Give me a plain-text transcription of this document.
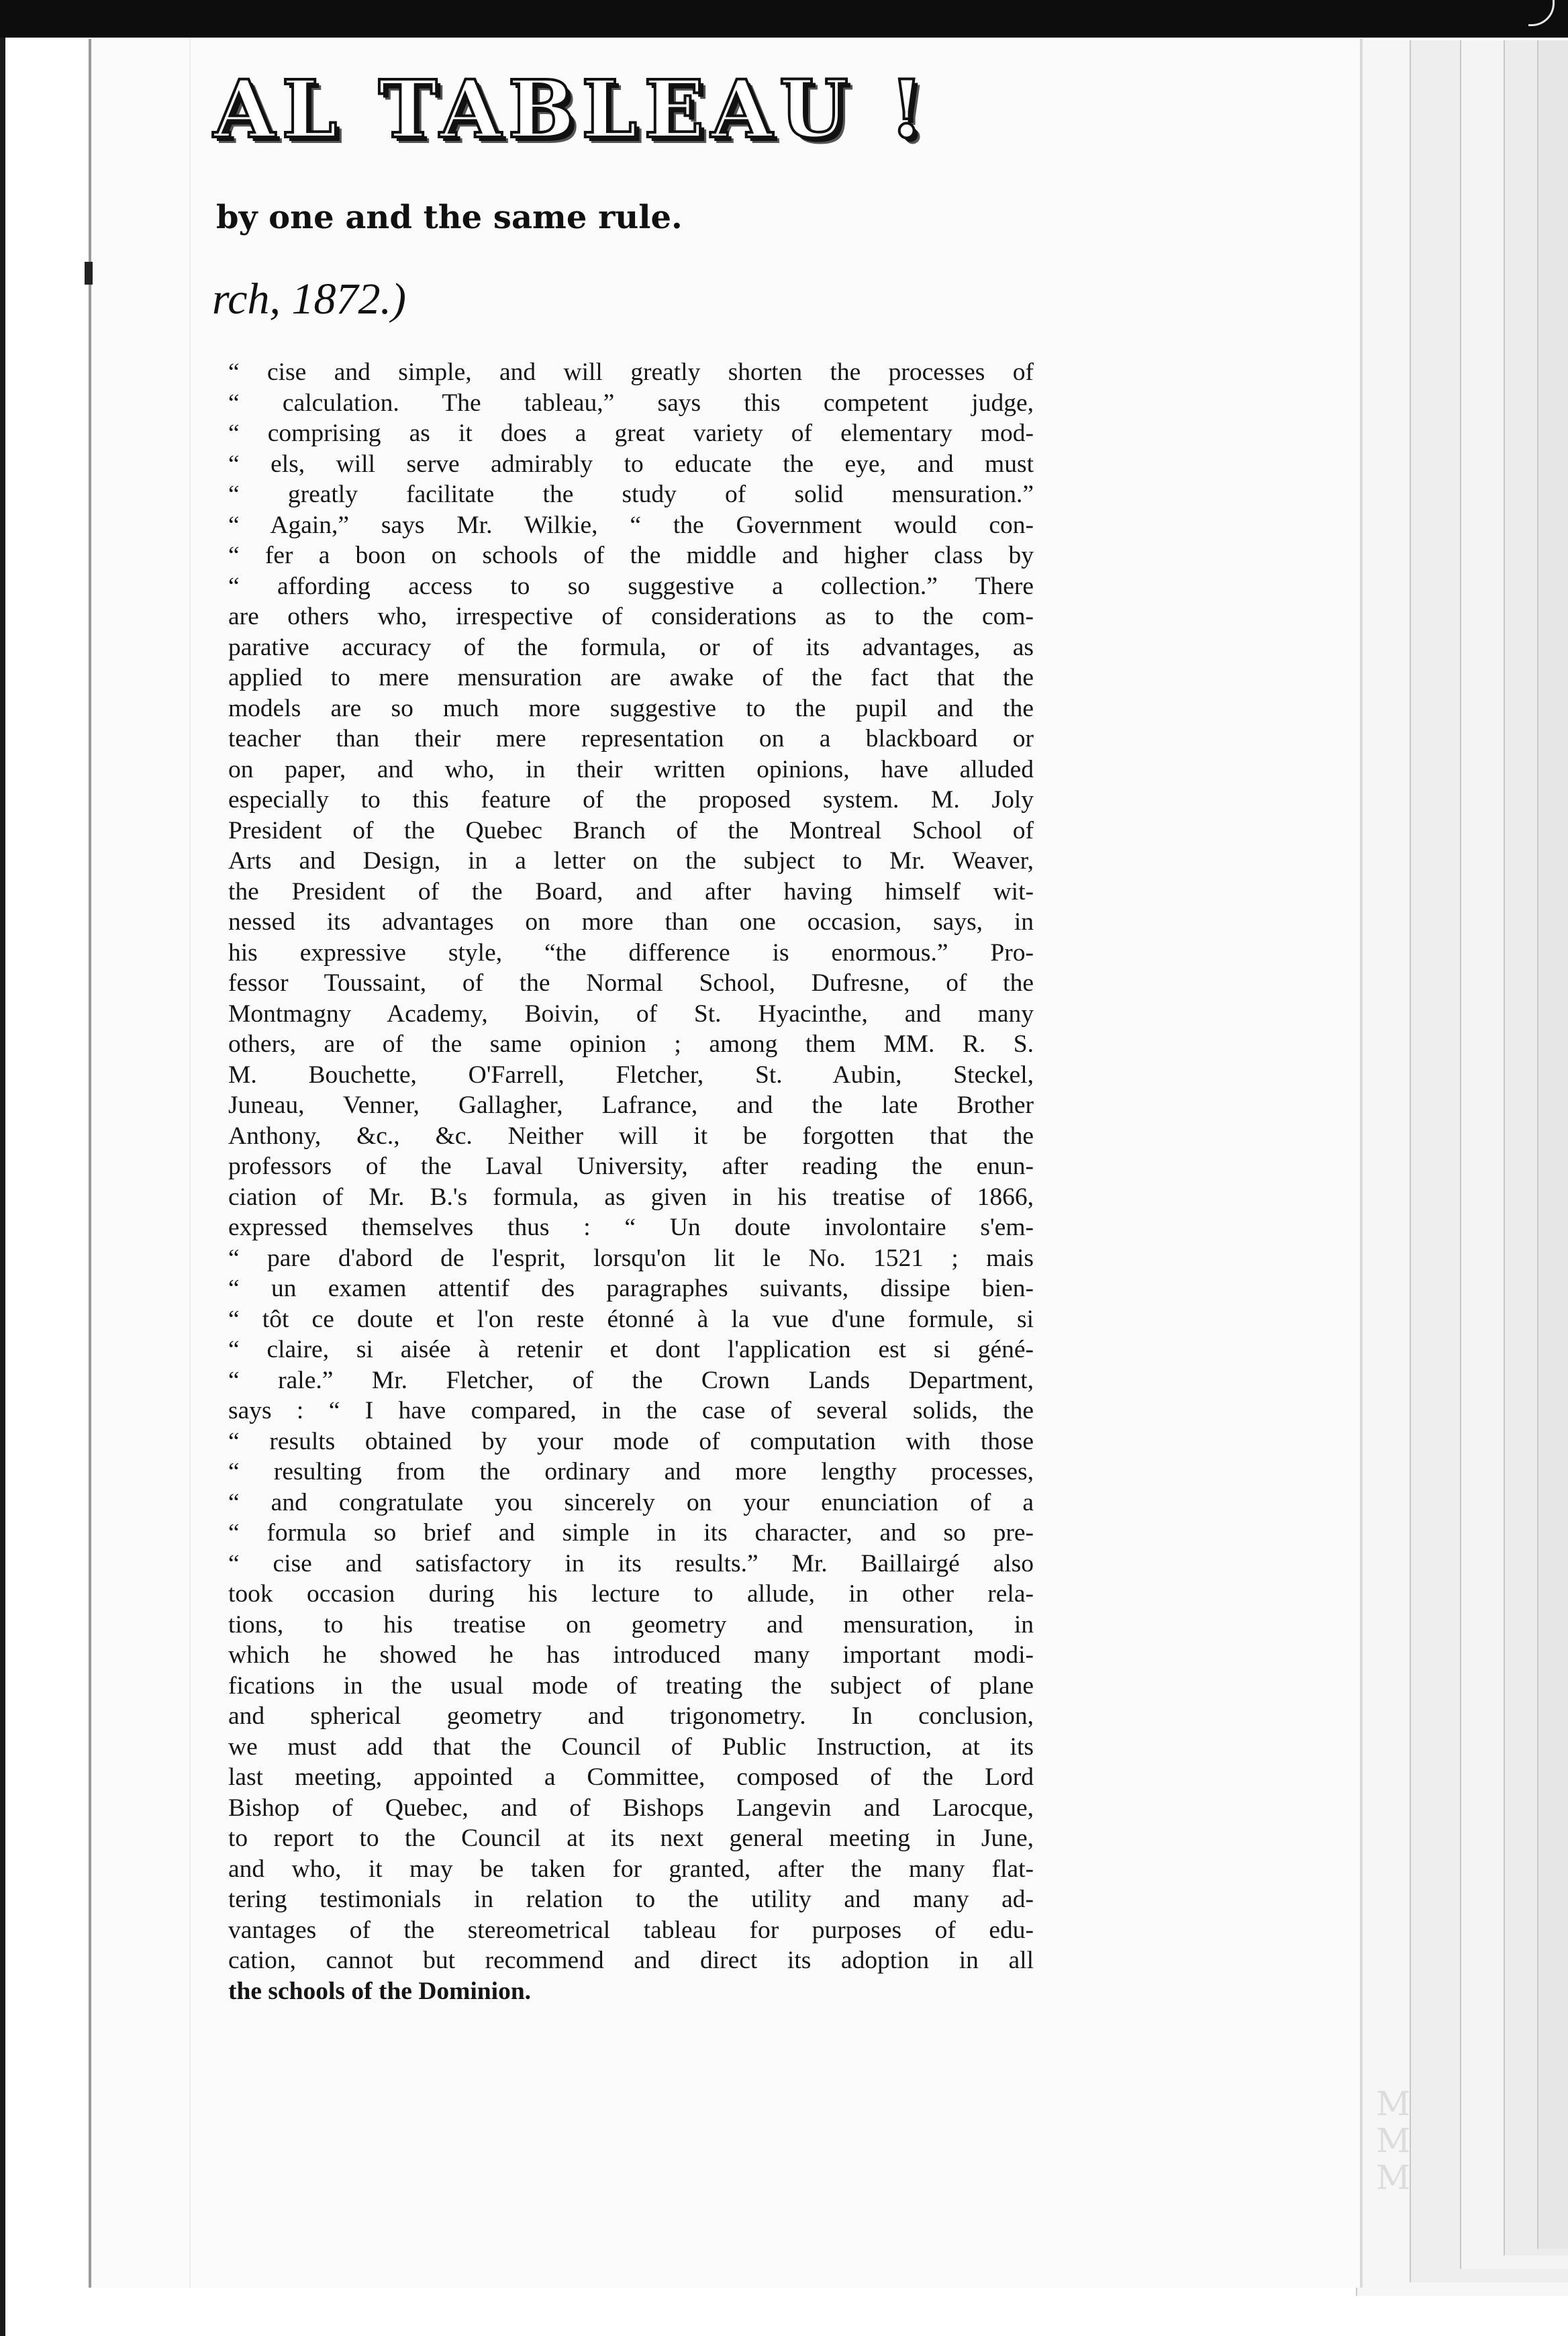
M
M
M
AL TABLEAU !
by one and the same rule.
rch, 1872.)
“ cise and simple, and will greatly shorten the processes of
“ calculation. The tableau,” says this competent judge,
“ comprising as it does a great variety of elementary mod-
“ els, will serve admirably to educate the eye, and must
“ greatly facilitate the study of solid mensuration.”
“ Again,” says Mr. Wilkie, “ the Government would con-
“ fer a boon on schools of the middle and higher class by
“ affording access to so suggestive a collection.” There
are others who, irrespective of considerations as to the com-
parative accuracy of the formula, or of its advantages, as
applied to mere mensuration are awake of the fact that the
models are so much more suggestive to the pupil and the
teacher than their mere representation on a blackboard or
on paper, and who, in their written opinions, have alluded
especially to this feature of the proposed system. M. Joly
President of the Quebec Branch of the Montreal School of
Arts and Design, in a letter on the subject to Mr. Weaver,
the President of the Board, and after having himself wit-
nessed its advantages on more than one occasion, says, in
his expressive style, “the difference is enormous.” Pro-
fessor Toussaint, of the Normal School, Dufresne, of the
Montmagny Academy, Boivin, of St. Hyacinthe, and many
others, are of the same opinion ; among them MM. R. S.
M. Bouchette, O'Farrell, Fletcher, St. Aubin, Steckel,
Juneau, Venner, Gallagher, Lafrance, and the late Brother
Anthony, &c., &c. Neither will it be forgotten that the
professors of the Laval University, after reading the enun-
ciation of Mr. B.'s formula, as given in his treatise of 1866,
expressed themselves thus : “ Un doute involontaire s'em-
“ pare d'abord de l'esprit, lorsqu'on lit le No. 1521 ; mais
“ un examen attentif des paragraphes suivants, dissipe bien-
“ tôt ce doute et l'on reste étonné à la vue d'une formule, si
“ claire, si aisée à retenir et dont l'application est si géné-
“ rale.” Mr. Fletcher, of the Crown Lands Department,
says : “ I have compared, in the case of several solids, the
“ results obtained by your mode of computation with those
“ resulting from the ordinary and more lengthy processes,
“ and congratulate you sincerely on your enunciation of a
“ formula so brief and simple in its character, and so pre-
“ cise and satisfactory in its results.” Mr. Baillairgé also
took occasion during his lecture to allude, in other rela-
tions, to his treatise on geometry and mensuration, in
which he showed he has introduced many important modi-
fications in the usual mode of treating the subject of plane
and spherical geometry and trigonometry. In conclusion,
we must add that the Council of Public Instruction, at its
last meeting, appointed a Committee, composed of the Lord
Bishop of Quebec, and of Bishops Langevin and Larocque,
to report to the Council at its next general meeting in June,
and who, it may be taken for granted, after the many flat-
tering testimonials in relation to the utility and many ad-
vantages of the stereometrical tableau for purposes of edu-
cation, cannot but recommend and direct its adoption in all
the schools of the Dominion.
